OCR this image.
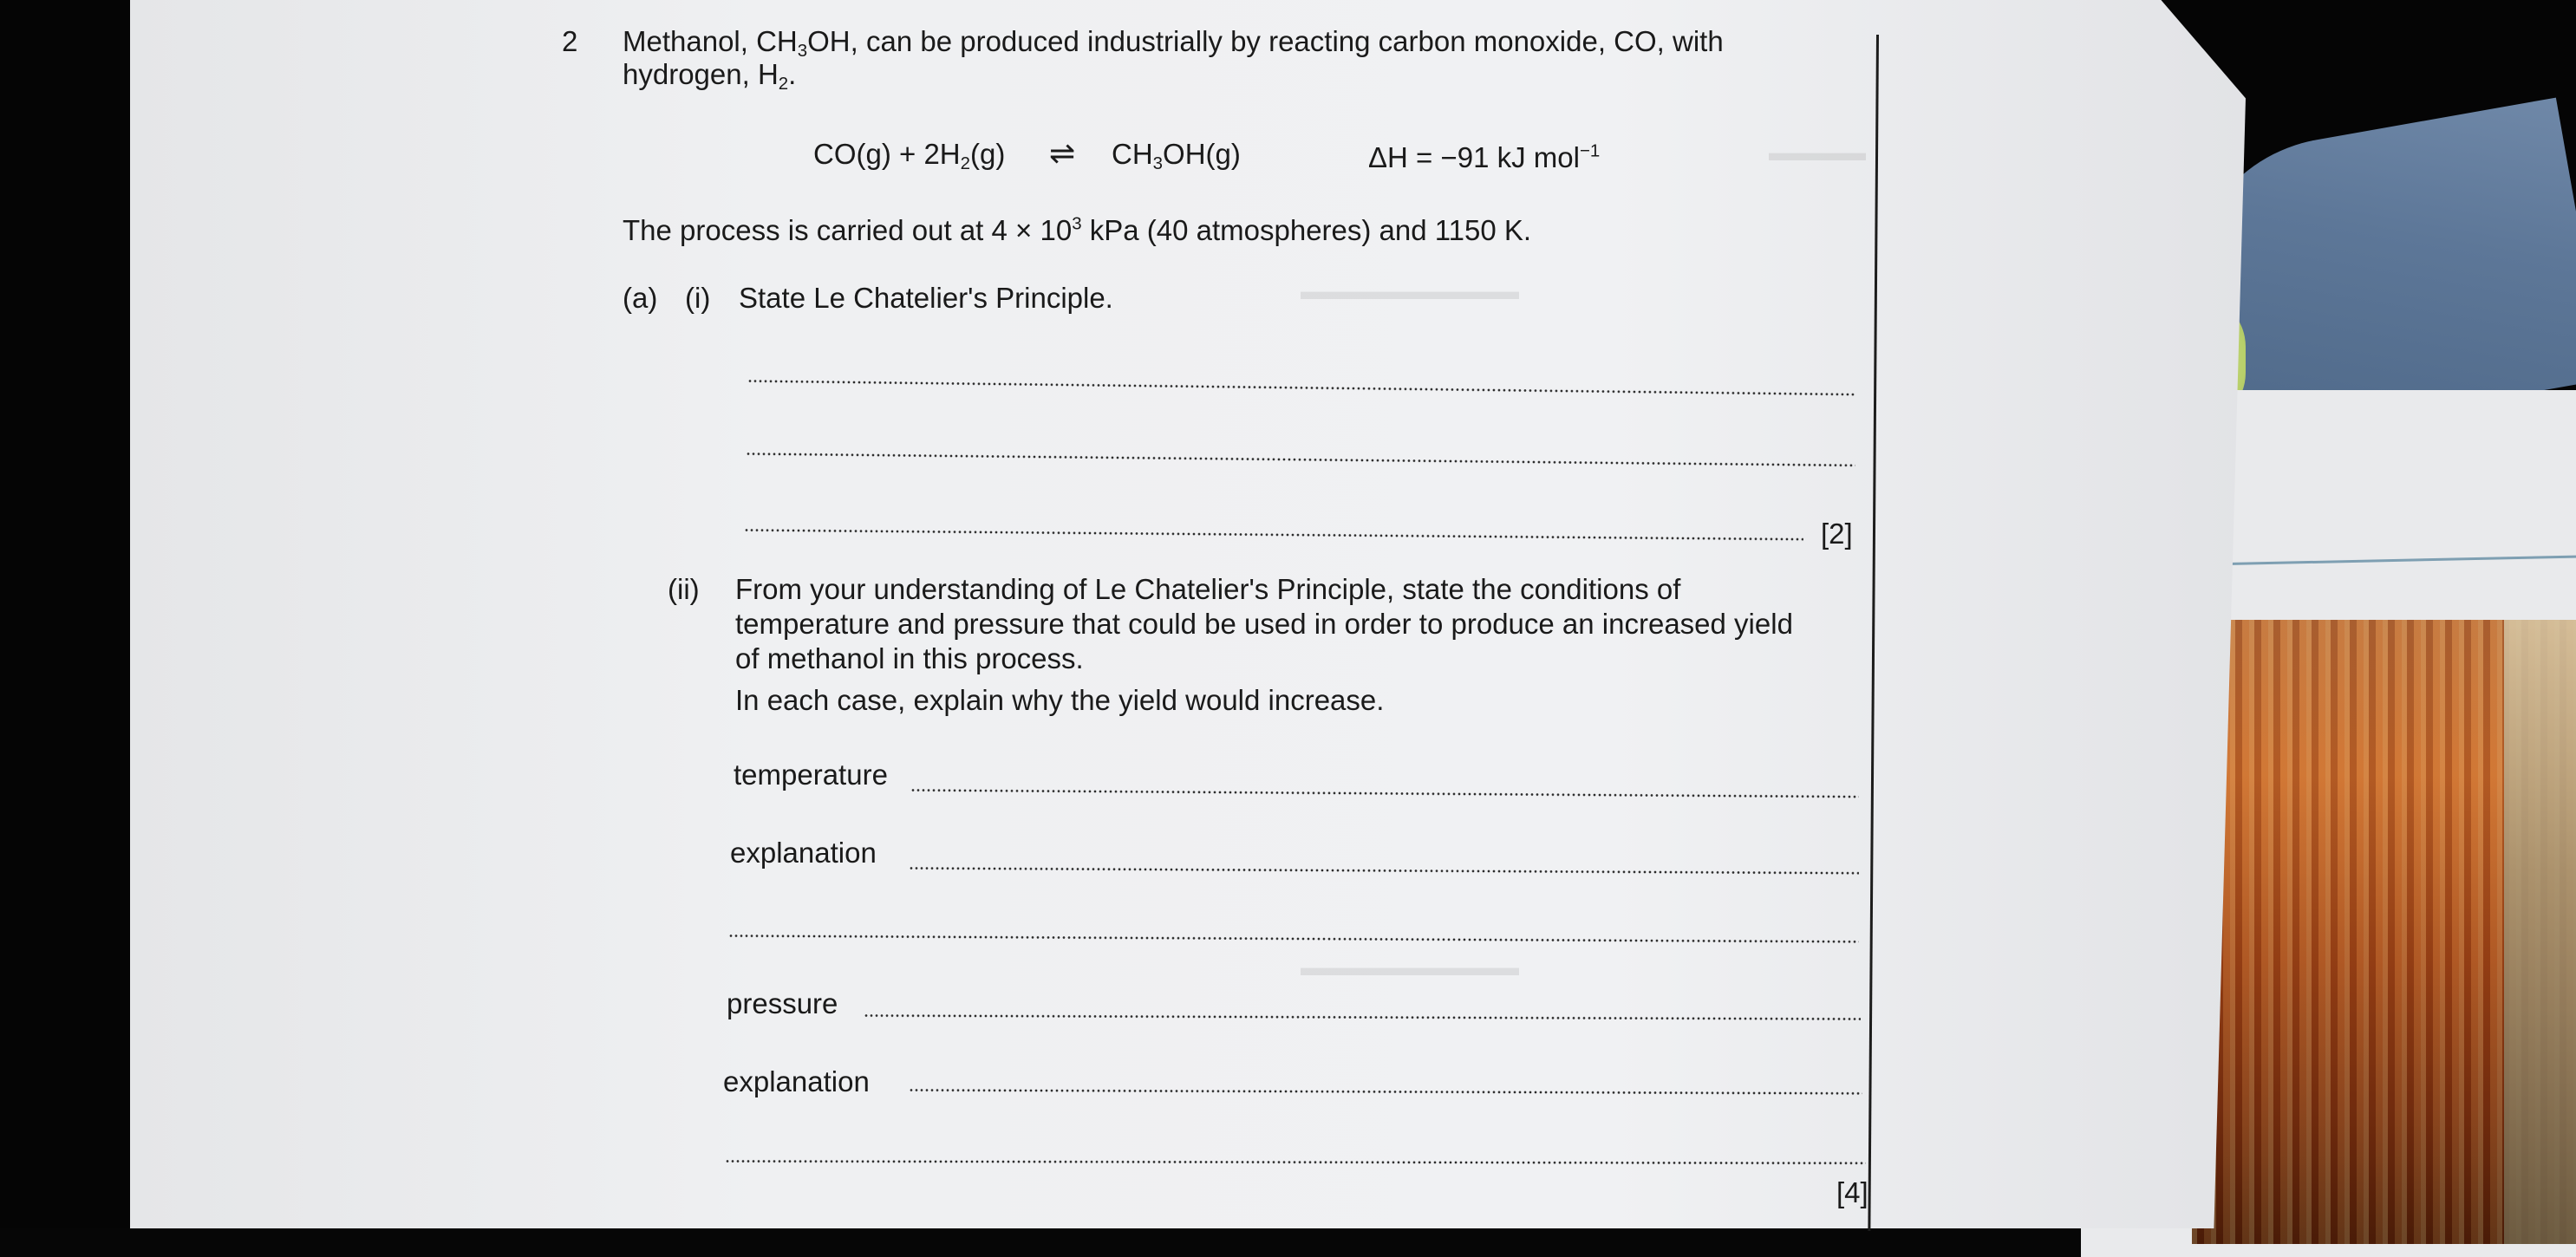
▬▬▬▬
▬▬▬▬▬▬▬▬▬
▬▬▬▬▬▬▬▬▬
2 Methanol, $CH_3OH$, can be produced industrially by reacting carbon monoxide, CO, with
hydrogen, $H_2$.
$CO(g) + 2H_2(g)$ ⇌ $CH_3OH(g)$	ΔH = −91 kJ mol$^{-1}$
The process is carried out at $4 \times 10^3$ kPa (40 atmospheres) and 1150 K.
(a) (i) State Le Chatelier's Principle.
[2]
(ii) From your understanding of Le Chatelier's Principle, state the conditions of
temperature and pressure that could be used in order to produce an increased yield
of methanol in this process.
In each case, explain why the yield would increase.
temperature
explanation
pressure
explanation
[4]
